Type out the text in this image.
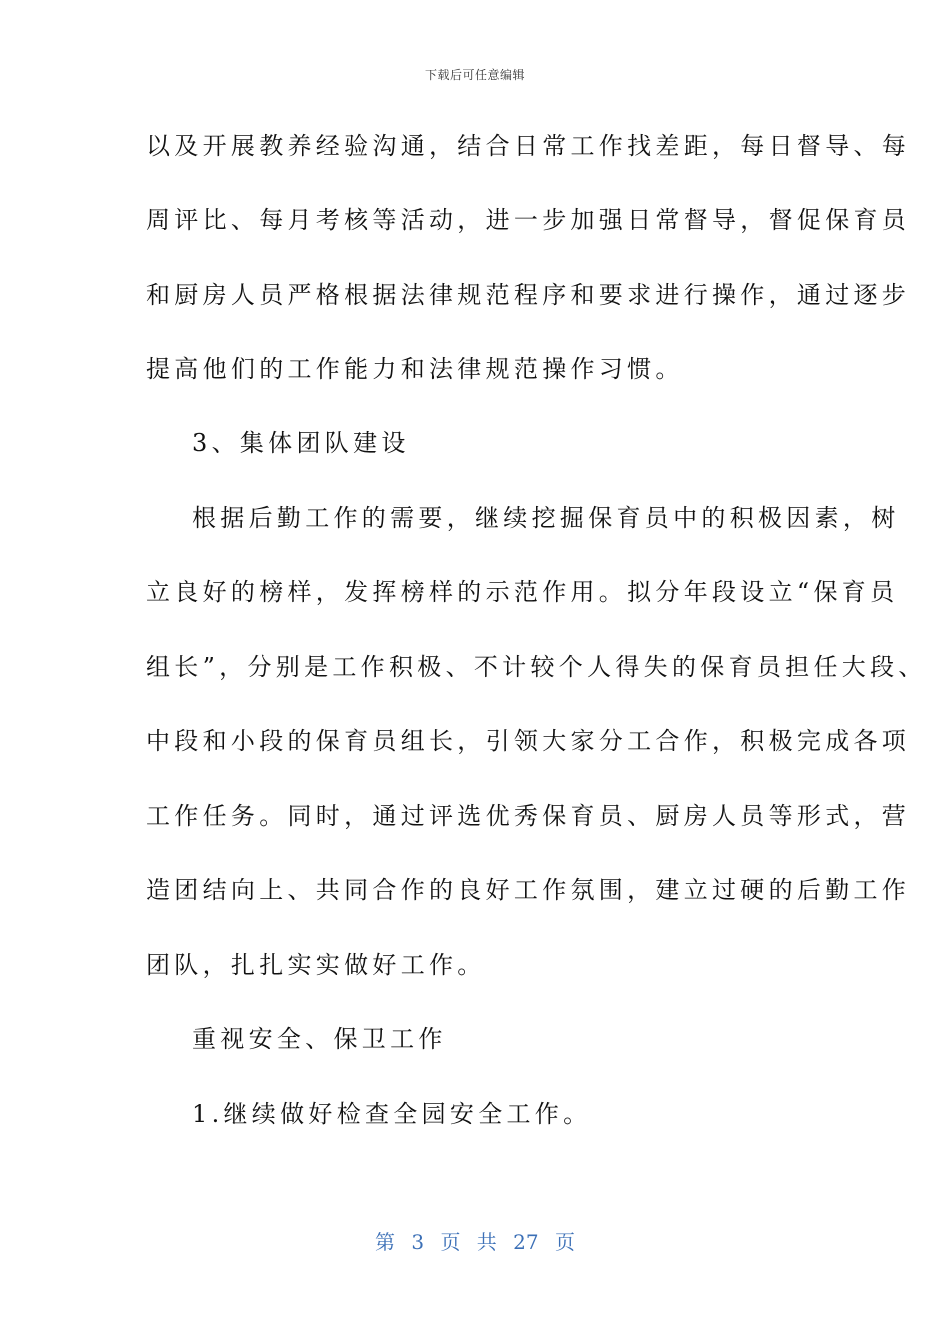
下载后可任意编辑
以及开展教养经验沟通，结合日常工作找差距，每日督导、每
周评比、每月考核等活动，进一步加强日常督导，督促保育员
和厨房人员严格根据法律规范程序和要求进行操作，通过逐步
提高他们的工作能力和法律规范操作习惯。
3、集体团队建设
根据后勤工作的需要，继续挖掘保育员中的积极因素，树
立良好的榜样，发挥榜样的示范作用。拟分年段设立“保育员
组长”，分别是工作积极、不计较个人得失的保育员担任大段、
中段和小段的保育员组长，引领大家分工合作，积极完成各项
工作任务。同时，通过评选优秀保育员、厨房人员等形式，营
造团结向上、共同合作的良好工作氛围，建立过硬的后勤工作
团队，扎扎实实做好工作。
重视安全、保卫工作
1.继续做好检查全园安全工作。
第 3 页 共 27 页
